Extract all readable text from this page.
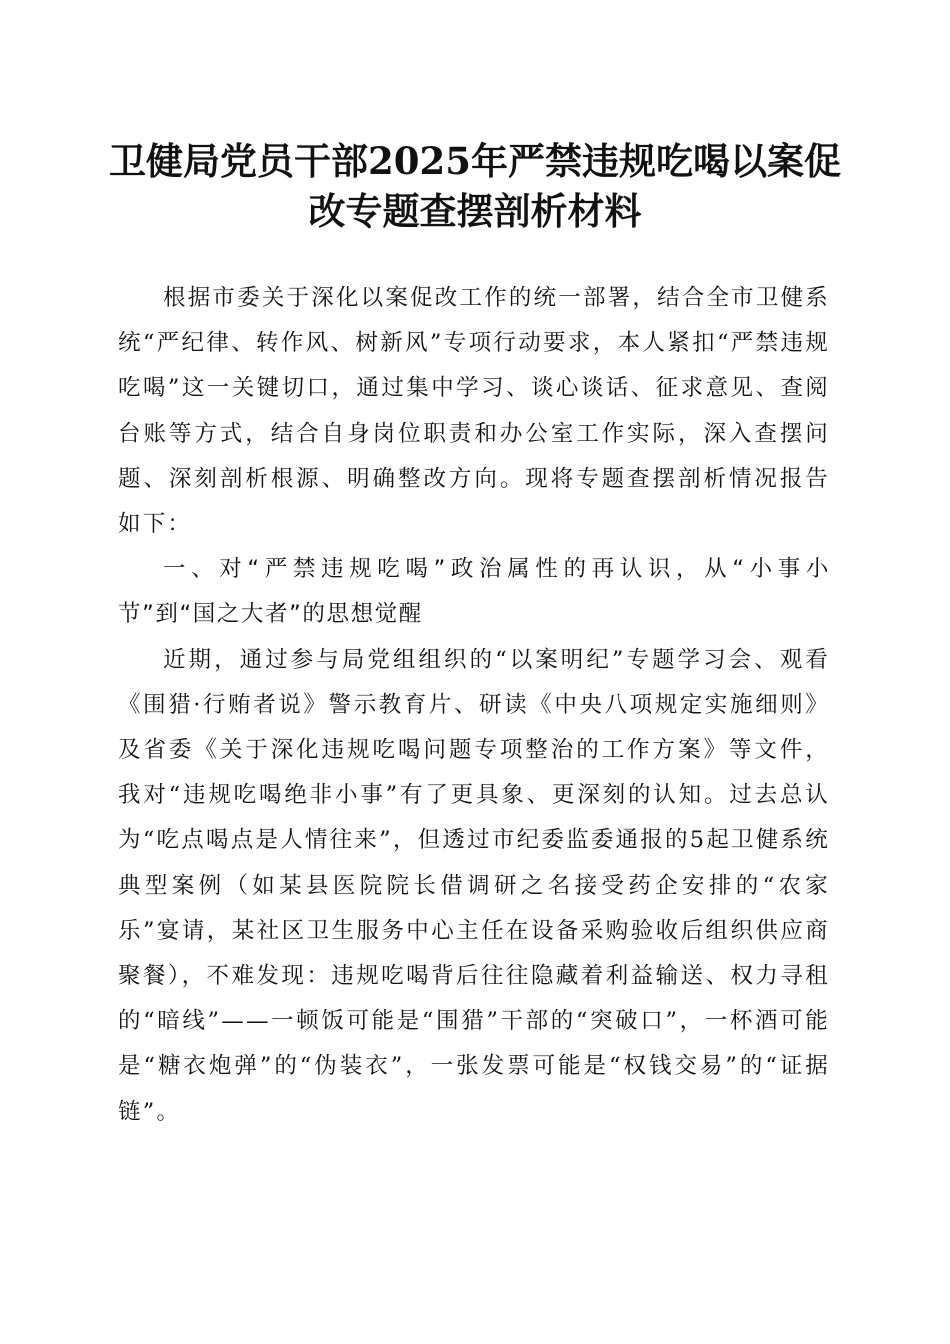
卫健局党员干部2025年严禁违规吃喝以案促改专题查摆剖析材料

根据市委关于深化以案促改工作的统一部署，结合全市卫健系统“严纪律、转作风、树新风”专项行动要求，本人紧扣“严禁违规吃喝”这一关键切口，通过集中学习、谈心谈话、征求意见、查阅台账等方式，结合自身岗位职责和办公室工作实际，深入查摆问题、深刻剖析根源、明确整改方向。现将专题查摆剖析情况报告如下：

一、对“严禁违规吃喝”政治属性的再认识，从“小事小节”到“国之大者”的思想觉醒

近期，通过参与局党组组织的“以案明纪”专题学习会、观看《围猎·行贿者说》警示教育片、研读《中央八项规定实施细则》及省委《关于深化违规吃喝问题专项整治的工作方案》等文件，我对“违规吃喝绝非小事”有了更具象、更深刻的认知。过去总认为“吃点喝点是人情往来”，但透过市纪委监委通报的5起卫健系统典型案例（如某县医院院长借调研之名接受药企安排的“农家乐”宴请，某社区卫生服务中心主任在设备采购验收后组织供应商聚餐），不难发现：违规吃喝背后往往隐藏着利益输送、权力寻租的“暗线”——一顿饭可能是“围猎”干部的“突破口”，一杯酒可能是“糖衣炮弹”的“伪装衣”，一张发票可能是“权钱交易”的“证据链”。
